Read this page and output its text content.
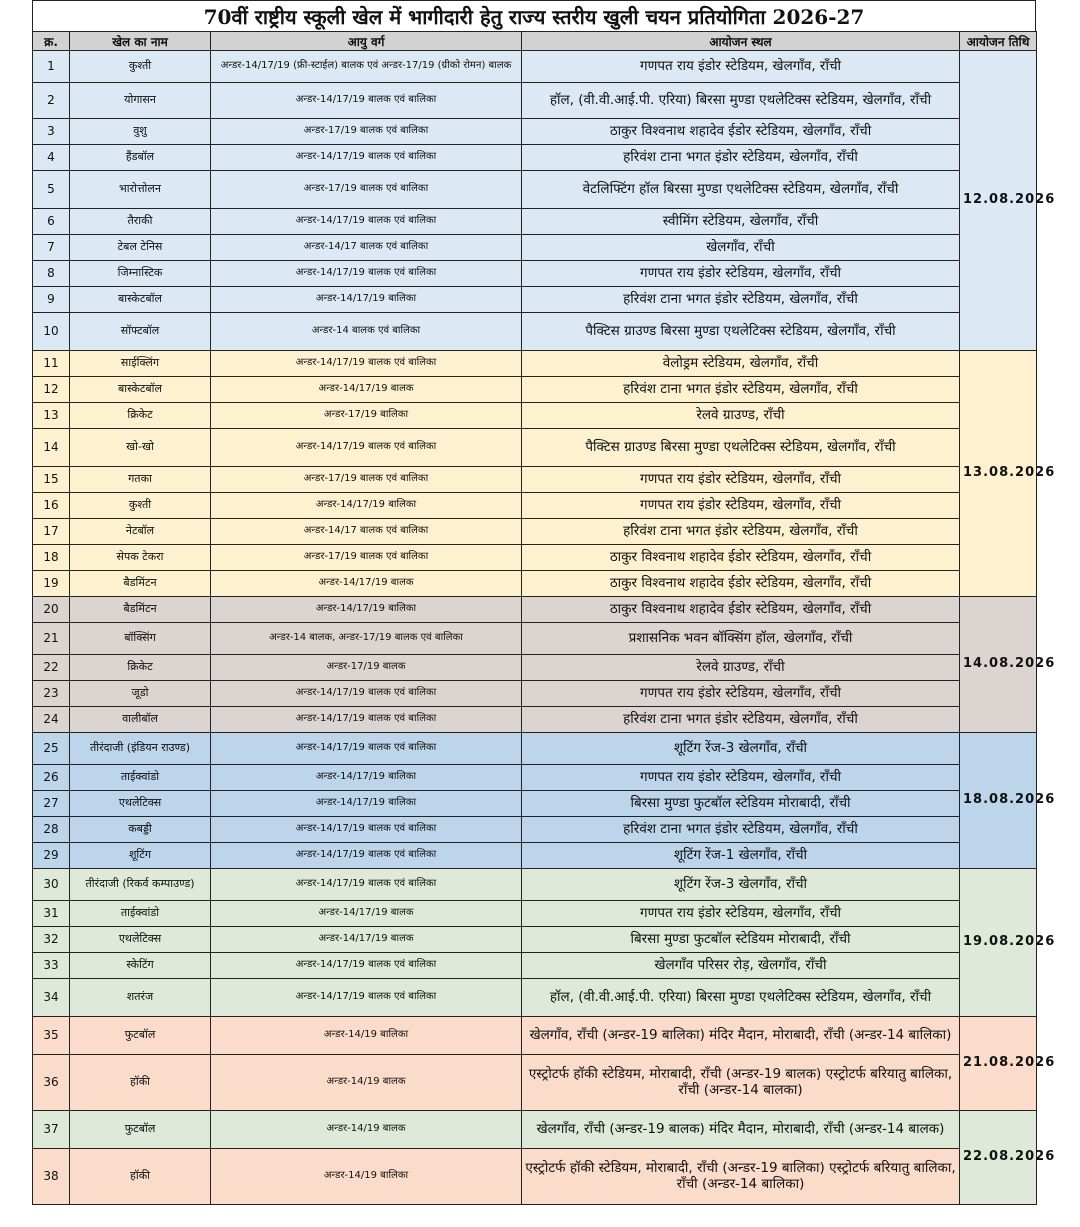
70वीं राष्ट्रीय स्कूली खेल में भागीदारी हेतु राज्य स्तरीय खुली चयन प्रतियोगिता 2026-27
क्र.	खेल का नाम	आयु वर्ग	आयोजन स्थल	आयोजन तिथि
1	कुश्ती	अन्डर-14/17/19 (फ्री-स्टाईल) बालक एवं अन्डर-17/19 (ग्रीको रोमन) बालक	गणपत राय इंडोर स्टेडियम, खेलगाँव, राँची	12.08.2026
2	योगासन	अन्डर-14/17/19 बालक एवं बालिका	हॉल, (वी.वी.आई.पी. एरिया) बिरसा मुण्डा एथलेटिक्स स्टेडियम, खेलगाँव, राँची	
3	वुशु	अन्डर-17/19 बालक एवं बालिका	ठाकुर विश्वनाथ शहादेव ईडोर स्टेडियम, खेलगाँव, राँची	
4	हैंडबॉल	अन्डर-14/17/19 बालक एवं बालिका	हरिवंश टाना भगत इंडोर स्टेडियम, खेलगाँव, राँची	
5	भारोत्तोलन	अन्डर-17/19 बालक एवं बालिका	वेटलिफ्टिंग हॉल बिरसा मुण्डा एथलेटिक्स स्टेडियम, खेलगाँव, राँची	
6	तैराकी	अन्डर-14/17/19 बालक एवं बालिका	स्वीमिंग स्टेडियम, खेलगाँव, राँची	
7	टेबल टेनिस	अन्डर-14/17 बालक एवं बालिका	खेलगाँव, राँची	
8	जिम्नास्टिक	अन्डर-14/17/19 बालक एवं बालिका	गणपत राय इंडोर स्टेडियम, खेलगाँव, राँची	
9	बास्केटबॉल	अन्डर-14/17/19 बालिका	हरिवंश टाना भगत इंडोर स्टेडियम, खेलगाँव, राँची	
10	सॉफ्टबॉल	अन्डर-14 बालक एवं बालिका	पैक्टिस ग्राउण्ड बिरसा मुण्डा एथलेटिक्स स्टेडियम, खेलगाँव, राँची	
11	साईक्लिंग	अन्डर-14/17/19 बालक एवं बालिका	वेलोड्रम स्टेडियम, खेलगाँव, राँची	13.08.2026
12	बास्केटबॉल	अन्डर-14/17/19 बालक	हरिवंश टाना भगत इंडोर स्टेडियम, खेलगाँव, राँची	
13	क्रिकेट	अन्डर-17/19 बालिका	रेलवे ग्राउण्ड, राँची	
14	खो-खो	अन्डर-14/17/19 बालक एवं बालिका	पैक्टिस ग्राउण्ड बिरसा मुण्डा एथलेटिक्स स्टेडियम, खेलगाँव, राँची	
15	गतका	अन्डर-17/19 बालक एवं बालिका	गणपत राय इंडोर स्टेडियम, खेलगाँव, राँची	
16	कुश्ती	अन्डर-14/17/19 बालिका	गणपत राय इंडोर स्टेडियम, खेलगाँव, राँची	
17	नेटबॉल	अन्डर-14/17 बालक एवं बालिका	हरिवंश टाना भगत इंडोर स्टेडियम, खेलगाँव, राँची	
18	सेपक टेकरा	अन्डर-17/19 बालक एवं बालिका	ठाकुर विश्वनाथ शहादेव ईडोर स्टेडियम, खेलगाँव, राँची	
19	बैडमिंटन	अन्डर-14/17/19 बालक	ठाकुर विश्वनाथ शहादेव ईडोर स्टेडियम, खेलगाँव, राँची	
20	बैडमिंटन	अन्डर-14/17/19 बालिका	ठाकुर विश्वनाथ शहादेव ईडोर स्टेडियम, खेलगाँव, राँची	14.08.2026
21	बॉक्सिंग	अन्डर-14 बालक, अन्डर-17/19 बालक एवं बालिका	प्रशासनिक भवन बॉक्सिंग हॉल, खेलगाँव, राँची	
22	क्रिकेट	अन्डर-17/19 बालक	रेलवे ग्राउण्ड, राँची	
23	जूडो	अन्डर-14/17/19 बालक एवं बालिका	गणपत राय इंडोर स्टेडियम, खेलगाँव, राँची	
24	वालीबॉल	अन्डर-14/17/19 बालक एवं बालिका	हरिवंश टाना भगत इंडोर स्टेडियम, खेलगाँव, राँची	
25	तीरंदाजी (इंडियन राउण्ड)	अन्डर-14/17/19 बालक एवं बालिका	शूटिंग रेंज-3 खेलगाँव, राँची	18.08.2026
26	ताईक्वांडो	अन्डर-14/17/19 बालिका	गणपत राय इंडोर स्टेडियम, खेलगाँव, राँची	
27	एथलेटिक्स	अन्डर-14/17/19 बालिका	बिरसा मुण्डा फुटबॉल स्टेडियम मोराबादी, राँची	
28	कबड्डी	अन्डर-14/17/19 बालक एवं बालिका	हरिवंश टाना भगत इंडोर स्टेडियम, खेलगाँव, राँची	
29	शूटिंग	अन्डर-14/17/19 बालक एवं बालिका	शूटिंग रेंज-1 खेलगाँव, राँची	
30	तीरंदाजी (रिकर्व कम्पाउण्ड)	अन्डर-14/17/19 बालक एवं बालिका	शूटिंग रेंज-3 खेलगाँव, राँची	19.08.2026
31	ताईक्वांडो	अन्डर-14/17/19 बालक	गणपत राय इंडोर स्टेडियम, खेलगाँव, राँची	
32	एथलेटिक्स	अन्डर-14/17/19 बालक	बिरसा मुण्डा फुटबॉल स्टेडियम मोराबादी, राँची	
33	स्केटिंग	अन्डर-14/17/19 बालक एवं बालिका	खेलगाँव परिसर रोड़, खेलगाँव, राँची	
34	शतरंज	अन्डर-14/17/19 बालक एवं बालिका	हॉल, (वी.वी.आई.पी. एरिया) बिरसा मुण्डा एथलेटिक्स स्टेडियम, खेलगाँव, राँची	
35	फुटबॉल	अन्डर-14/19 बालिका	खेलगाँव, राँची (अन्डर-19 बालिका) मंदिर मैदान, मोराबादी, राँची (अन्डर-14 बालिका)	21.08.2026
36	हॉकी	अन्डर-14/19 बालक	एस्ट्रोटर्फ हॉकी स्टेडियम, मोराबादी, राँची (अन्डर-19 बालक) एस्ट्रोटर्फ बरियातु बालिका, राँची (अन्डर-14 बालका)	
37	फुटबॉल	अन्डर-14/19 बालक	खेलगाँव, राँची (अन्डर-19 बालक) मंदिर मैदान, मोराबादी, राँची (अन्डर-14 बालक)	22.08.2026
38	हॉकी	अन्डर-14/19 बालिका	एस्ट्रोटर्फ हॉकी स्टेडियम, मोराबादी, राँची (अन्डर-19 बालिका) एस्ट्रोटर्फ बरियातु बालिका, राँची (अन्डर-14 बालिका)	
